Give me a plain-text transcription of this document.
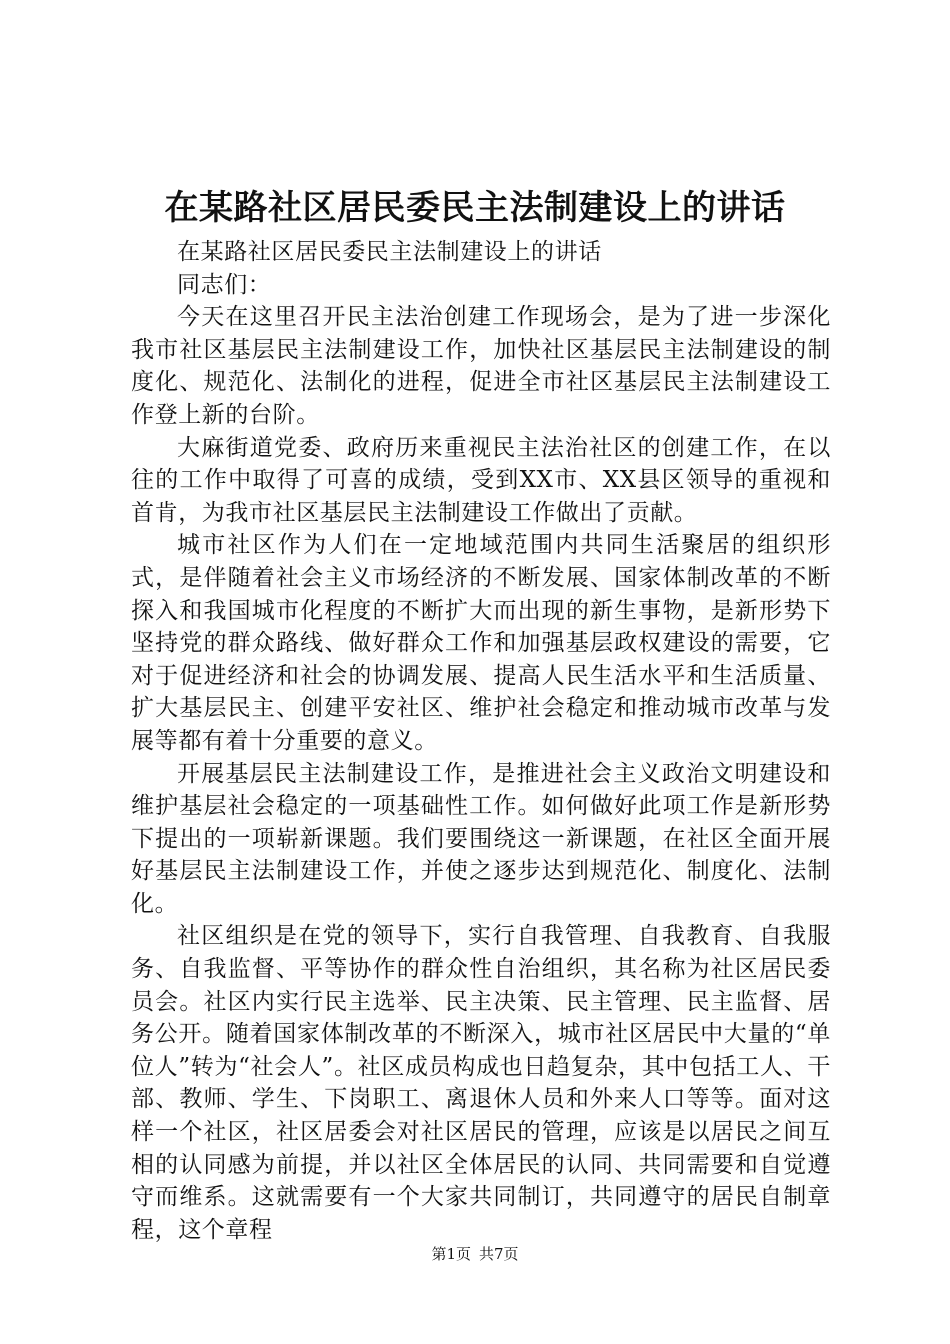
在某路社区居民委民主法制建设上的讲话

在某路社区居民委民主法制建设上的讲话

同志们：

今天在这里召开民主法治创建工作现场会，是为了进一步深化我市社区基层民主法制建设工作，加快社区基层民主法制建设的制度化、规范化、法制化的进程，促进全市社区基层民主法制建设工作登上新的台阶。

大麻街道党委、政府历来重视民主法治社区的创建工作，在以往的工作中取得了可喜的成绩，受到XX市、XX县区领导的重视和首肯，为我市社区基层民主法制建设工作做出了贡献。

城市社区作为人们在一定地域范围内共同生活聚居的组织形式，是伴随着社会主义市场经济的不断发展、国家体制改革的不断探入和我国城市化程度的不断扩大而出现的新生事物，是新形势下坚持党的群众路线、做好群众工作和加强基层政权建设的需要，它对于促进经济和社会的协调发展、提高人民生活水平和生活质量、扩大基层民主、创建平安社区、维护社会稳定和推动城市改革与发展等都有着十分重要的意义。

开展基层民主法制建设工作，是推进社会主义政治文明建设和维护基层社会稳定的一项基础性工作。如何做好此项工作是新形势下提出的一项崭新课题。我们要围绕这一新课题，在社区全面开展好基层民主法制建设工作，并使之逐步达到规范化、制度化、法制化。

社区组织是在党的领导下，实行自我管理、自我教育、自我服务、自我监督、平等协作的群众性自治组织，其名称为社区居民委员会。社区内实行民主选举、民主决策、民主管理、民主监督、居务公开。随着国家体制改革的不断深入，城市社区居民中大量的“单位人”转为“社会人”。社区成员构成也日趋复杂，其中包括工人、干部、教师、学生、下岗职工、离退休人员和外来人口等等。面对这样一个社区，社区居委会对社区居民的管理，应该是以居民之间互相的认同感为前提，并以社区全体居民的认同、共同需要和自觉遵守而维系。这就需要有一个大家共同制订，共同遵守的居民自制章程，这个章程

第1页 共7页
